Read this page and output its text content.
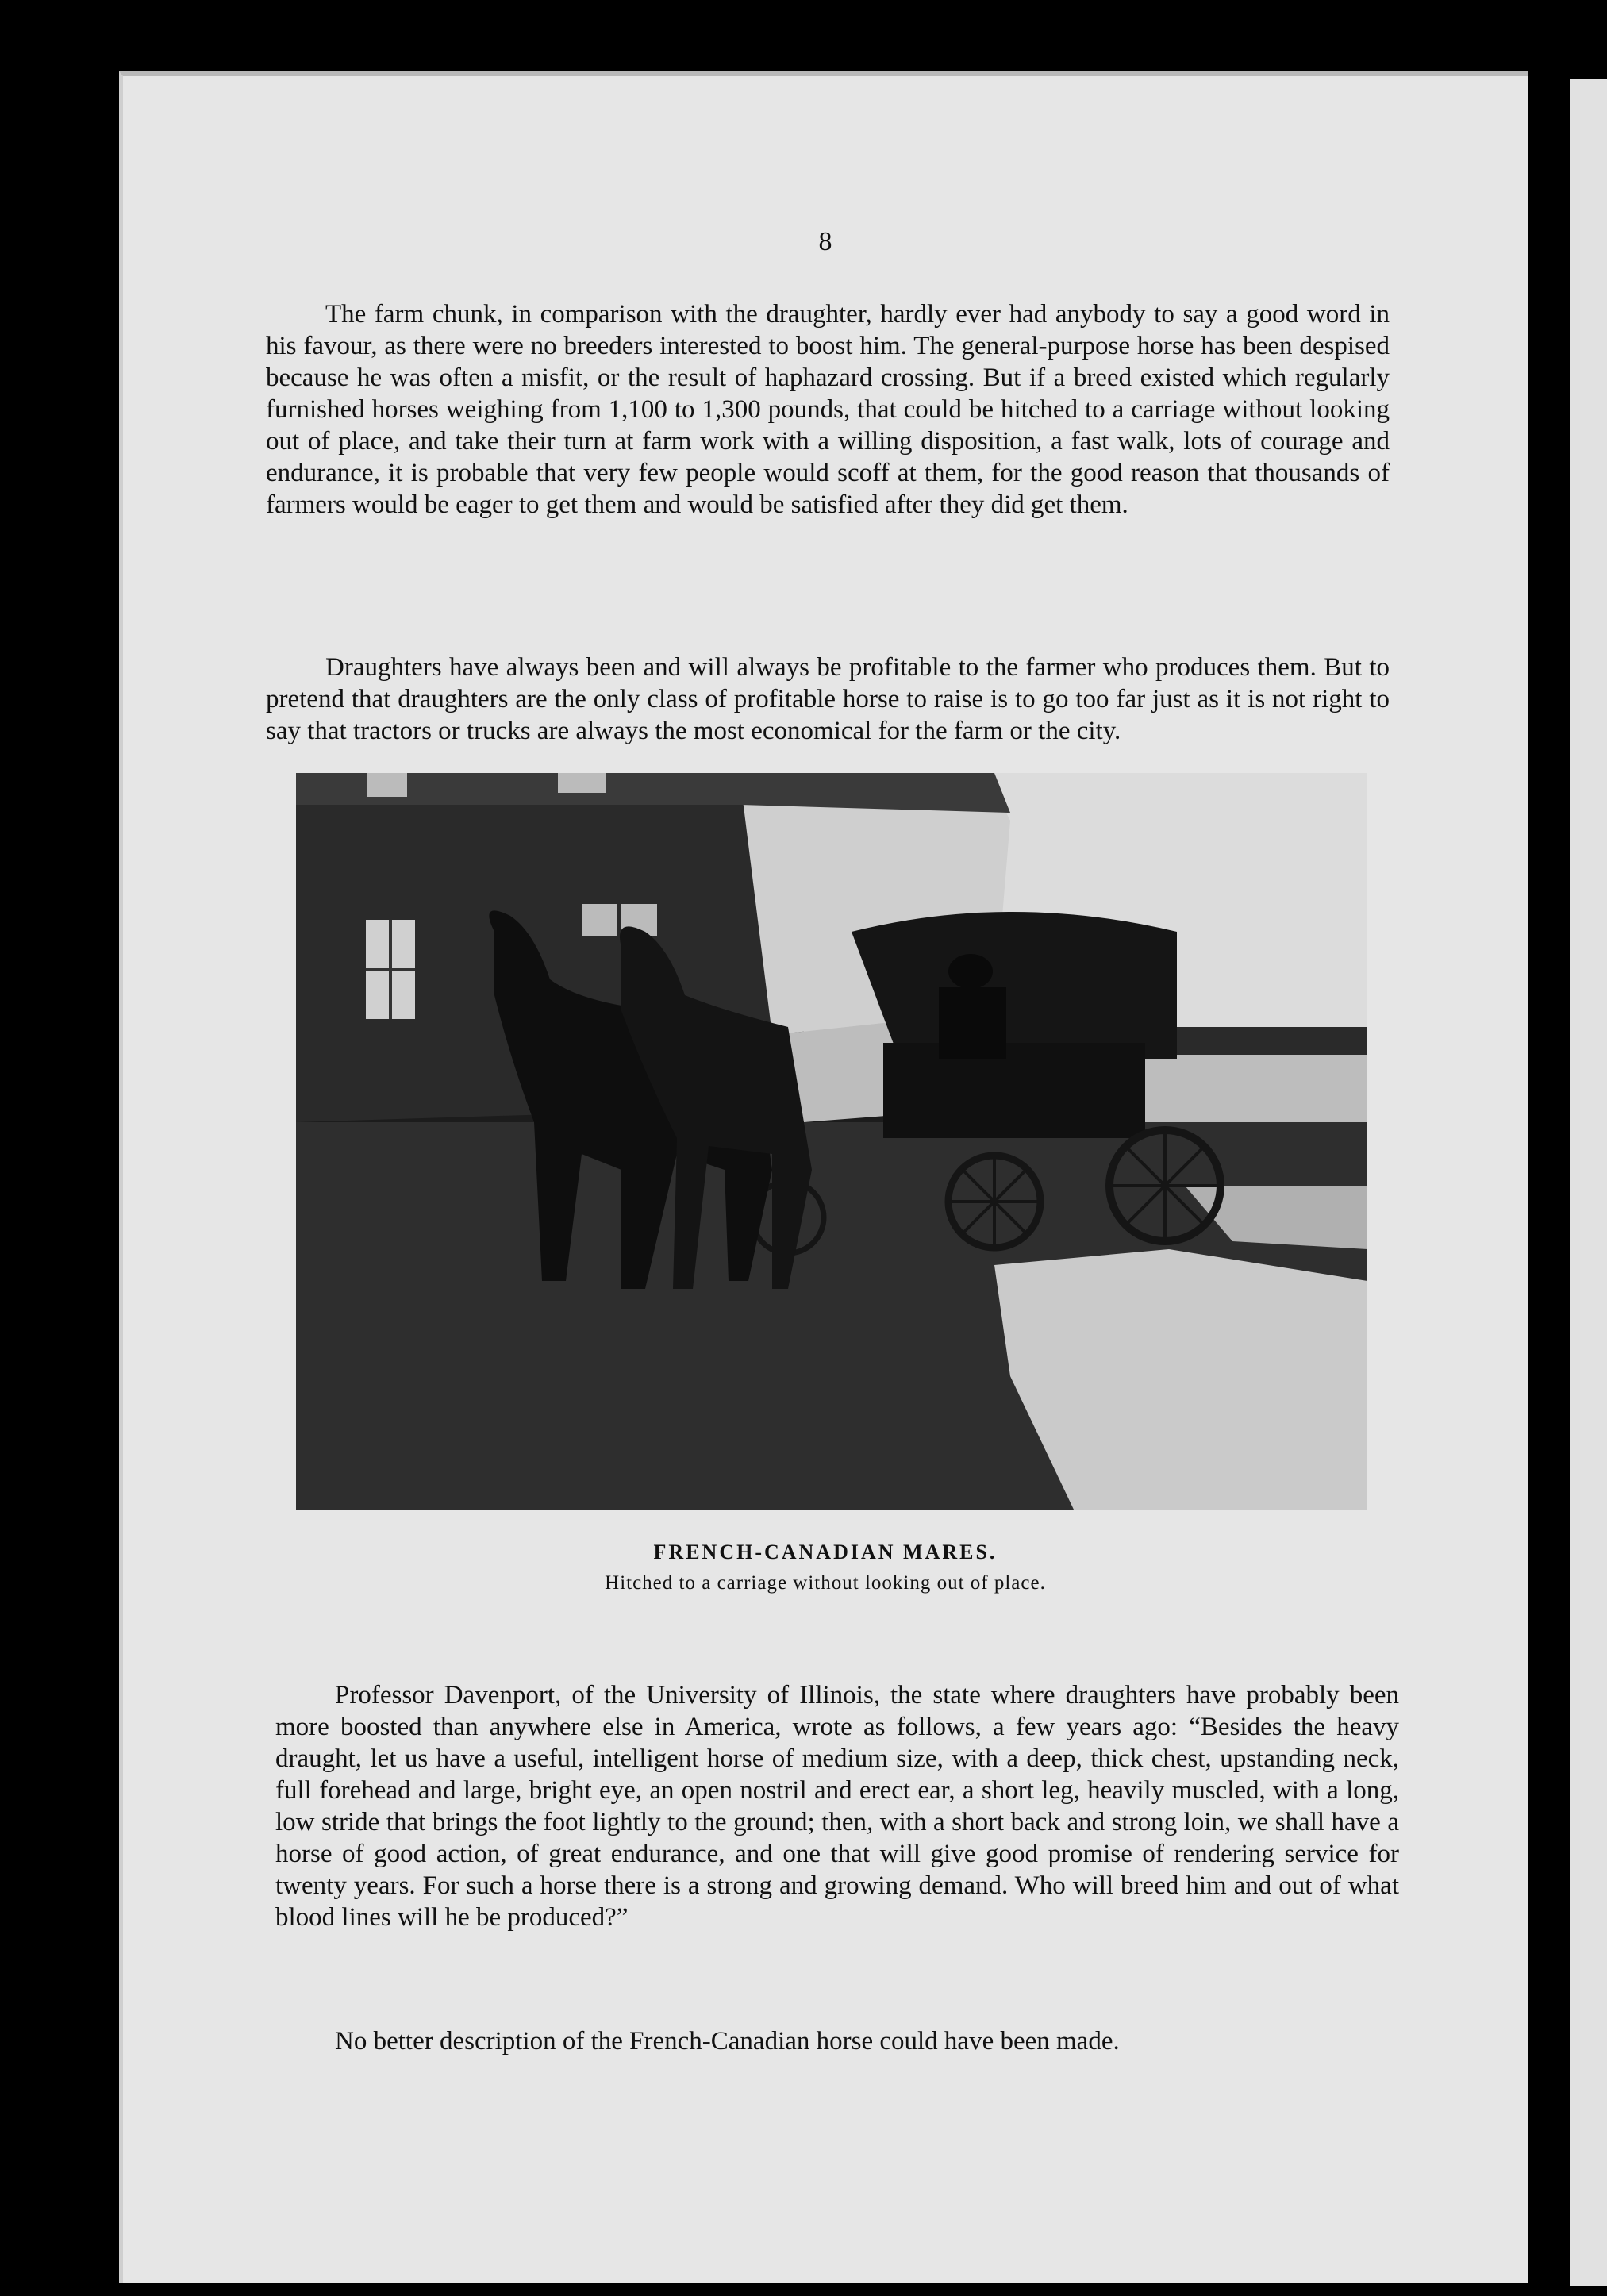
8

The farm chunk, in comparison with the draughter, hardly ever had anybody to say a good word in his favour, as there were no breeders interested to boost him. The general-purpose horse has been despised because he was often a misfit, or the result of haphazard crossing. But if a breed existed which regularly furnished horses weighing from 1,100 to 1,300 pounds, that could be hitched to a carriage without looking out of place, and take their turn at farm work with a willing disposition, a fast walk, lots of courage and endurance, it is probable that very few people would scoff at them, for the good reason that thousands of farmers would be eager to get them and would be satisfied after they did get them.

Draughters have always been and will always be profitable to the farmer who produces them. But to pretend that draughters are the only class of profitable horse to raise is to go too far just as it is not right to say that tractors or trucks are always the most economical for the farm or the city.

FRENCH-CANADIAN MARES.
Hitched to a carriage without looking out of place.

Professor Davenport, of the University of Illinois, the state where draughters have probably been more boosted than anywhere else in America, wrote as follows, a few years ago: “Besides the heavy draught, let us have a useful, intelligent horse of medium size, with a deep, thick chest, upstanding neck, full forehead and large, bright eye, an open nostril and erect ear, a short leg, heavily muscled, with a long, low stride that brings the foot lightly to the ground; then, with a short back and strong loin, we shall have a horse of good action, of great endurance, and one that will give good promise of rendering service for twenty years. For such a horse there is a strong and growing demand. Who will breed him and out of what blood lines will he be produced?”

No better description of the French-Canadian horse could have been made.
